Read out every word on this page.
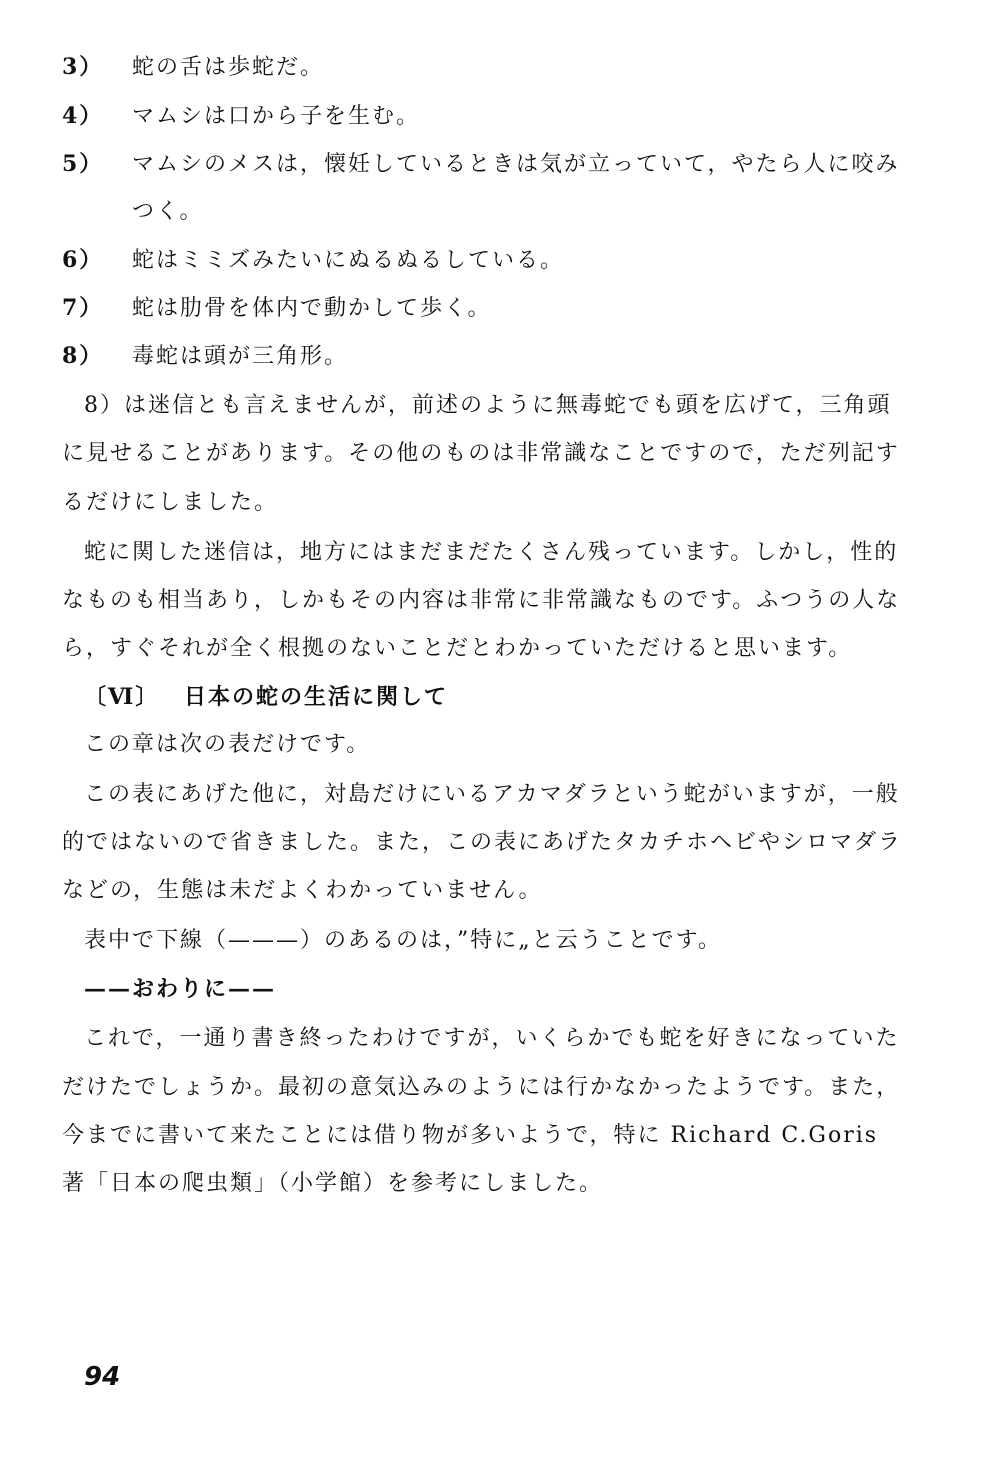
3） 蛇の舌は歩蛇だ。
4） マムシは口から子を生む。
5） マムシのメスは，懐妊しているときは気が立っていて，やたら人に咬み
つく。
6） 蛇はミミズみたいにぬるぬるしている。
7） 蛇は肋骨を体内で動かして歩く。
8） 毒蛇は頭が三角形。
8）は迷信とも言えませんが，前述のように無毒蛇でも頭を広げて，三角頭
に見せることがあります。その他のものは非常識なことですので，ただ列記す
るだけにしました。
蛇に関した迷信は，地方にはまだまだたくさん残っています。しかし，性的
なものも相当あり，しかもその内容は非常に非常識なものです。ふつうの人な
ら，すぐそれが全く根拠のないことだとわかっていただけると思います。
〔Ⅵ〕 日本の蛇の生活に関して
この章は次の表だけです。
この表にあげた他に，対島だけにいるアカマダラという蛇がいますが，一般
的ではないので省きました。また，この表にあげたタカチホヘビやシロマダラ
などの，生態は未だよくわかっていません。
表中で下線（———）のあるのは，”特に„と云うことです。
——おわりに——
これで，一通り書き終ったわけですが，いくらかでも蛇を好きになっていた
だけたでしょうか。最初の意気込みのようには行かなかったようです。また，
今までに書いて来たことには借り物が多いようで，特に Richard C.Goris
著「日本の爬虫類」（小学館）を参考にしました。
94
